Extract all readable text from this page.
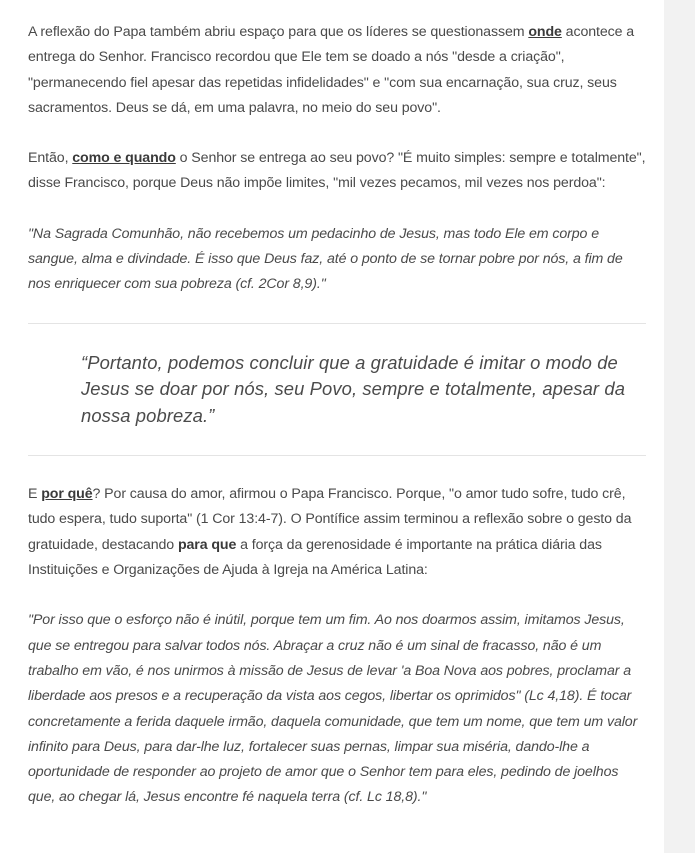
A reflexão do Papa também abriu espaço para que os líderes se questionassem onde acontece a entrega do Senhor. Francisco recordou que Ele tem se doado a nós "desde a criação", "permanecendo fiel apesar das repetidas infidelidades" e "com sua encarnação, sua cruz, seus sacramentos. Deus se dá, em uma palavra, no meio do seu povo".

Então, como e quando o Senhor se entrega ao seu povo? "É muito simples: sempre e totalmente", disse Francisco, porque Deus não impõe limites, "mil vezes pecamos, mil vezes nos perdoa":

"Na Sagrada Comunhão, não recebemos um pedacinho de Jesus, mas todo Ele em corpo e sangue, alma e divindade. É isso que Deus faz, até o ponto de se tornar pobre por nós, a fim de nos enriquecer com sua pobreza (cf. 2Cor 8,9)."

“Portanto, podemos concluir que a gratuidade é imitar o modo de Jesus se doar por nós, seu Povo, sempre e totalmente, apesar da nossa pobreza.”

E por quê? Por causa do amor, afirmou o Papa Francisco. Porque, "o amor tudo sofre, tudo crê, tudo espera, tudo suporta" (1 Cor 13:4-7). O Pontífice assim terminou a reflexão sobre o gesto da gratuidade, destacando para que a força da gerenosidade é importante na prática diária das Instituições e Organizações de Ajuda à Igreja na América Latina:

"Por isso que o esforço não é inútil, porque tem um fim. Ao nos doarmos assim, imitamos Jesus, que se entregou para salvar todos nós. Abraçar a cruz não é um sinal de fracasso, não é um trabalho em vão, é nos unirmos à missão de Jesus de levar 'a Boa Nova aos pobres, proclamar a liberdade aos presos e a recuperação da vista aos cegos, libertar os oprimidos" (Lc 4,18). É tocar concretamente a ferida daquele irmão, daquela comunidade, que tem um nome, que tem um valor infinito para Deus, para dar-lhe luz, fortalecer suas pernas, limpar sua miséria, dando-lhe a oportunidade de responder ao projeto de amor que o Senhor tem para eles, pedindo de joelhos que, ao chegar lá, Jesus encontre fé naquela terra (cf. Lc 18,8)."
